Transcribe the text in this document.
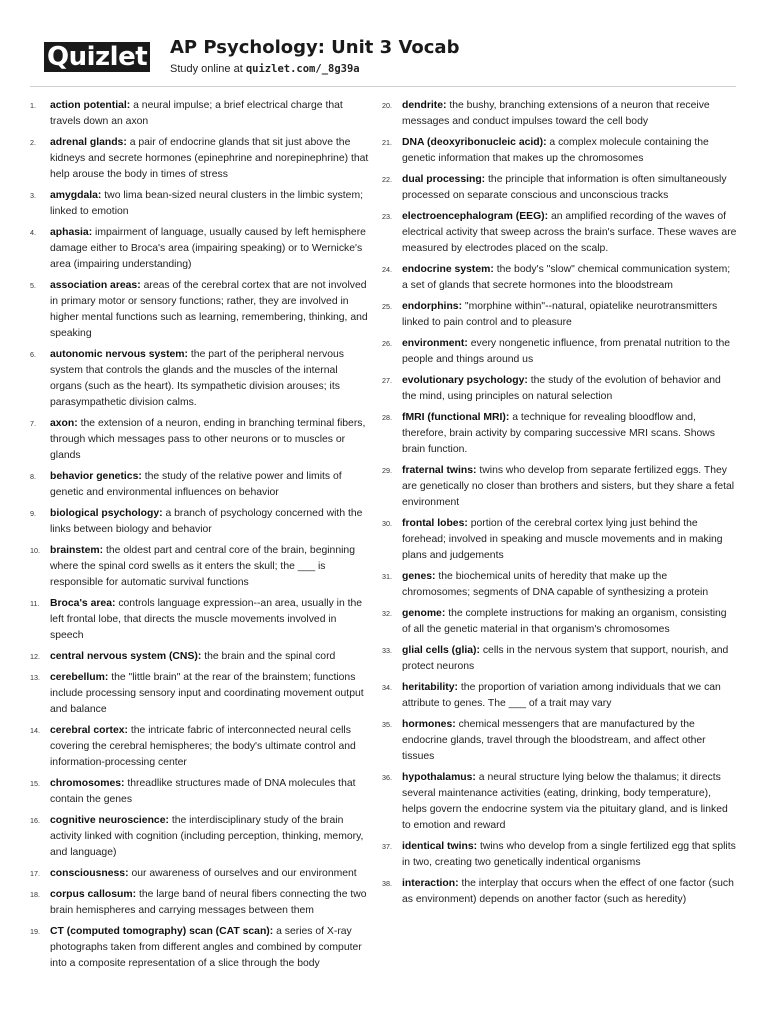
Quizlet AP Psychology: Unit 3 Vocab
Study online at quizlet.com/_8g39a
1.	action potential: a neural impulse; a brief electrical charge that travels down an axon
2.	adrenal glands: a pair of endocrine glands that sit just above the kidneys and secrete hormones (epinephrine and norepinephrine) that help arouse the body in times of stress
3.	amygdala: two lima bean-sized neural clusters in the limbic system; linked to emotion
4.	aphasia: impairment of language, usually caused by left hemisphere damage either to Broca's area (impairing speaking) or to Wernicke's area (impairing understanding)
5.	association areas: areas of the cerebral cortex that are not involved in primary motor or sensory functions; rather, they are involved in higher mental functions such as learning, remembering, thinking, and speaking
6.	autonomic nervous system: the part of the peripheral nervous system that controls the glands and the muscles of the internal organs (such as the heart). Its sympathetic division arouses; its parasympathetic division calms.
7.	axon: the extension of a neuron, ending in branching terminal fibers, through which messages pass to other neurons or to muscles or glands
8.	behavior genetics: the study of the relative power and limits of genetic and environmental influences on behavior
9.	biological psychology: a branch of psychology concerned with the links between biology and behavior
10. brainstem: the oldest part and central core of the brain, beginning where the spinal cord swells as it enters the skull; the ___ is responsible for automatic survival functions
11.	Broca's area: controls language expression--an area, usually in the left frontal lobe, that directs the muscle movements involved in speech
12. central nervous system (CNS): the brain and the spinal cord
13. cerebellum: the "little brain" at the rear of the brainstem; functions include processing sensory input and coordinating movement output and balance
14. cerebral cortex: the intricate fabric of interconnected neural cells covering the cerebral hemispheres; the body's ultimate control and information-processing center
15. chromosomes: threadlike structures made of DNA molecules that contain the genes
16. cognitive neuroscience: the interdisciplinary study of the brain activity linked with cognition (including perception, thinking, memory, and language)
17. consciousness: our awareness of ourselves and our environment
18. corpus callosum: the large band of neural fibers connecting the two brain hemispheres and carrying messages between them
19. CT (computed tomography) scan (CAT scan): a series of X-ray photographs taken from different angles and combined by computer into a composite representation of a slice through the body
20. dendrite: the bushy, branching extensions of a neuron that receive messages and conduct impulses toward the cell body
21. DNA (deoxyribonucleic acid): a complex molecule containing the genetic information that makes up the chromosomes
22. dual processing: the principle that information is often simultaneously processed on separate conscious and unconscious tracks
23. electroencephalogram (EEG): an amplified recording of the waves of electrical activity that sweep across the brain's surface. These waves are measured by electrodes placed on the scalp.
24. endocrine system: the body's "slow" chemical communication system; a set of glands that secrete hormones into the bloodstream
25. endorphins: "morphine within"--natural, opiatelike neurotransmitters linked to pain control and to pleasure
26. environment: every nongenetic influence, from prenatal nutrition to the people and things around us
27. evolutionary psychology: the study of the evolution of behavior and the mind, using principles on natural selection
28. fMRI (functional MRI): a technique for revealing bloodflow and, therefore, brain activity by comparing successive MRI scans. Shows brain function.
29. fraternal twins: twins who develop from separate fertilized eggs. They are genetically no closer than brothers and sisters, but they share a fetal environment
30. frontal lobes: portion of the cerebral cortex lying just behind the forehead; involved in speaking and muscle movements and in making plans and judgements
31. genes: the biochemical units of heredity that make up the chromosomes; segments of DNA capable of synthesizing a protein
32. genome: the complete instructions for making an organism, consisting of all the genetic material in that organism's chromosomes
33. glial cells (glia): cells in the nervous system that support, nourish, and protect neurons
34. heritability: the proportion of variation among individuals that we can attribute to genes. The ___ of a trait may vary
35. hormones: chemical messengers that are manufactured by the endocrine glands, travel through the bloodstream, and affect other tissues
36. hypothalamus: a neural structure lying below the thalamus; it directs several maintenance activities (eating, drinking, body temperature), helps govern the endocrine system via the pituitary gland, and is linked to emotion and reward
37. identical twins: twins who develop from a single fertilized egg that splits in two, creating two genetically indentical organisms
38. interaction: the interplay that occurs when the effect of one factor (such as environment) depends on another factor (such as heredity)
